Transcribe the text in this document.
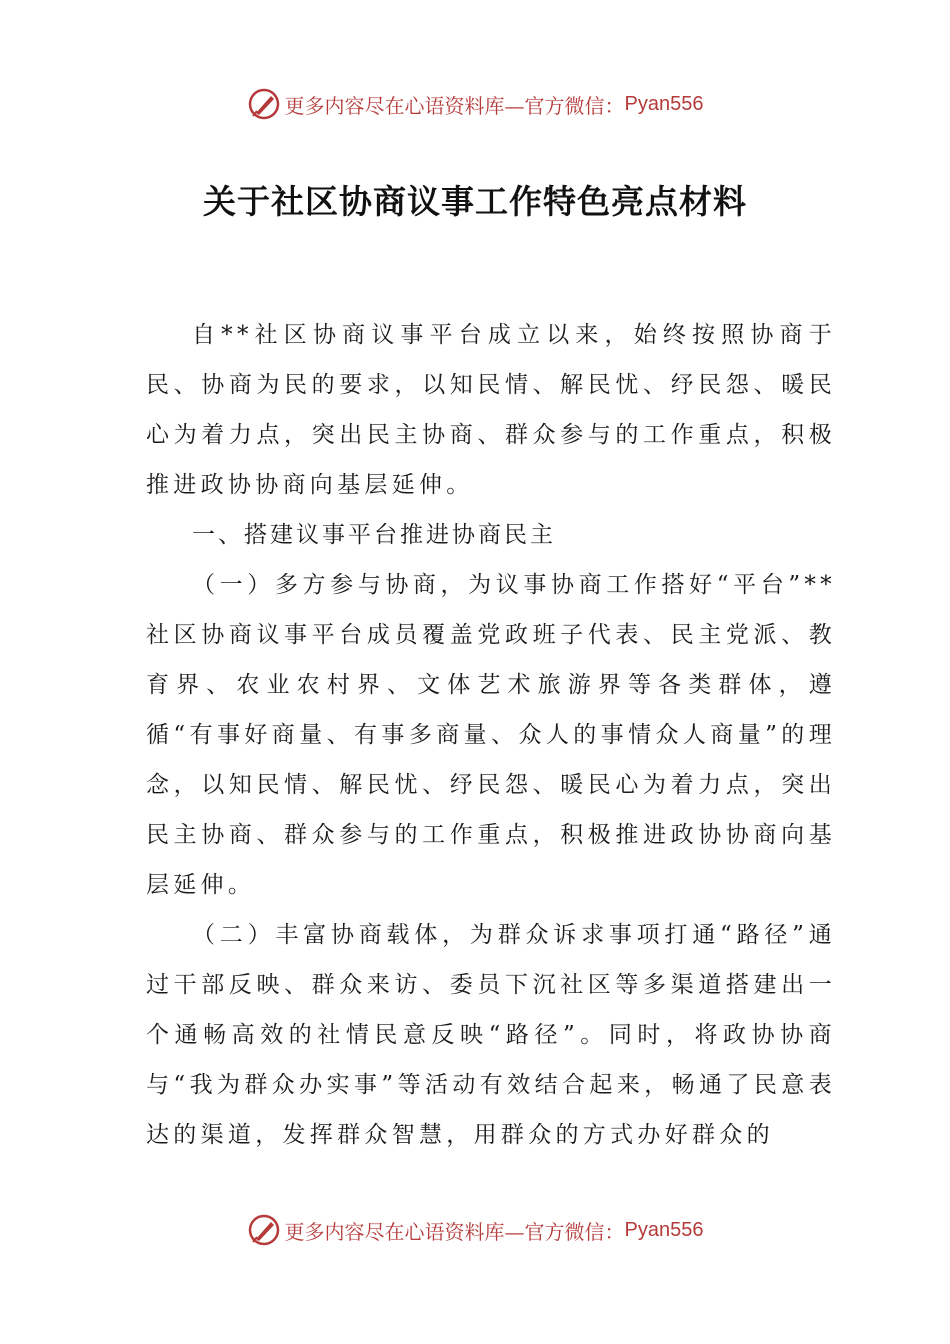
更多内容尽在心语资料库—官方微信： Pyan556
关于社区协商议事工作特色亮点材料

自**社区协商议事平台成立以来，始终按照协商于民、协商为民的要求，以知民情、解民忧、纾民怨、暖民心为着力点，突出民主协商、群众参与的工作重点，积极推进政协协商向基层延伸。

一、搭建议事平台推进协商民主

（一）多方参与协商，为议事协商工作搭好“平台”**社区协商议事平台成员覆盖党政班子代表、民主党派、教育界、农业农村界、文体艺术旅游界等各类群体，遵循“有事好商量、有事多商量、众人的事情众人商量”的理念，以知民情、解民忧、纾民怨、暖民心为着力点，突出民主协商、群众参与的工作重点，积极推进政协协商向基层延伸。

（二）丰富协商载体，为群众诉求事项打通“路径”通过干部反映、群众来访、委员下沉社区等多渠道搭建出一个通畅高效的社情民意反映“路径”。同时，将政协协商与“我为群众办实事”等活动有效结合起来，畅通了民意表达的渠道，发挥群众智慧，用群众的方式办好群众的

更多内容尽在心语资料库—官方微信： Pyan556
